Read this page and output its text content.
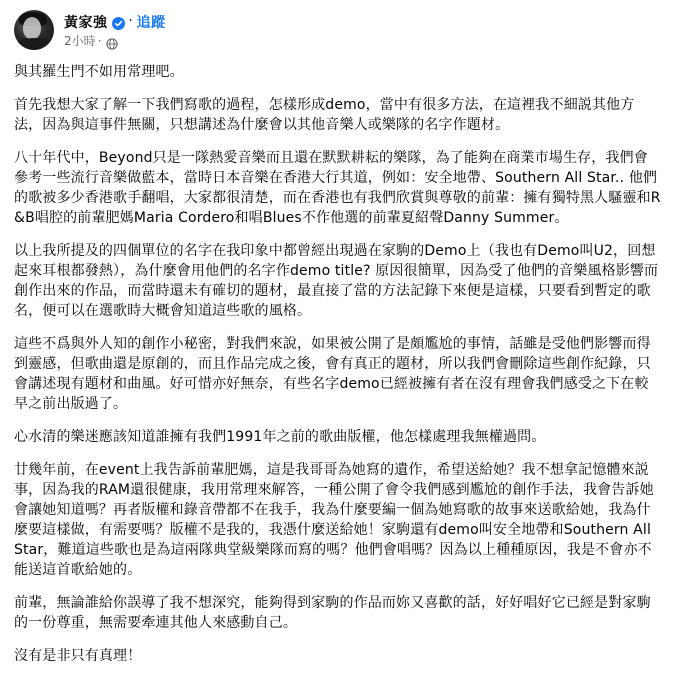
黃家強 · 追蹤
2小時 ·

與其羅生門不如用常理吧。

首先我想大家了解一下我們寫歌的過程，怎樣形成demo，當中有很多方法，在這裡我不細説其他方法，因為與這事件無關，只想講述為什麼會以其他音樂人或樂隊的名字作題材。

八十年代中，Beyond只是一隊熱愛音樂而且還在默默耕耘的樂隊，為了能夠在商業市場生存，我們會參考一些流行音樂做藍本，當時日本音樂在香港大行其道，例如：安全地帶、Southern All Star.. 他們的歌被多少香港歌手翻唱，大家都很清楚，而在香港也有我們欣賞與尊敬的前輩：擁有獨特黑人騷靈和R&B唱腔的前輩肥媽Maria Cordero和唱Blues不作他選的前輩夏紹聲Danny Summer。

以上我所提及的四個單位的名字在我印象中都曾經出現過在家駒的Demo上（我也有Demo叫U2，回想起來耳根都發熱），為什麼會用他們的名字作demo title? 原因很簡單，因為受了他們的音樂風格影響而創作出來的作品，而當時還未有確切的題材，最直接了當的方法記錄下來便是這樣，只要看到暫定的歌名，便可以在選歌時大概會知道這些歌的風格。

這些不爲與外人知的創作小秘密，對我們來說，如果被公開了是頗尷尬的事情，話雖是受他們影響而得到靈感，但歌曲還是原創的，而且作品完成之後，會有真正的題材，所以我們會刪除這些創作紀錄，只會講述現有題材和曲風。好可惜亦好無奈，有些名字demo已經被擁有者在沒有理會我們感受之下在較早之前出版過了。

心水清的樂迷應該知道誰擁有我們1991年之前的歌曲版權，他怎樣處理我無權過問。

廿幾年前，在event上我告訴前輩肥媽，這是我哥哥為她寫的遺作，希望送給她？我不想拿記憶體來説事，因為我的RAM還很健康，我用常理來解答，一種公開了會令我們感到尷尬的創作手法，我會告訴她會讓她知道嗎？再者版權和錄音帶都不在我手，我為什麼要編一個為她寫歌的故事來送歌給她，我為什麼要這樣做，有需要嗎？版權不是我的，我憑什麼送給她！家駒還有demo叫安全地帶和Southern All Star，難道這些歌也是為這兩隊典堂級樂隊而寫的嗎？他們會唱嗎？因為以上種種原因，我是不會亦不能送這首歌給她的。

前輩，無論誰給你誤導了我不想深究，能夠得到家駒的作品而妳又喜歡的話，好好唱好它已經是對家駒的一份尊重，無需要牽連其他人來感動自己。

沒有是非只有真理！
